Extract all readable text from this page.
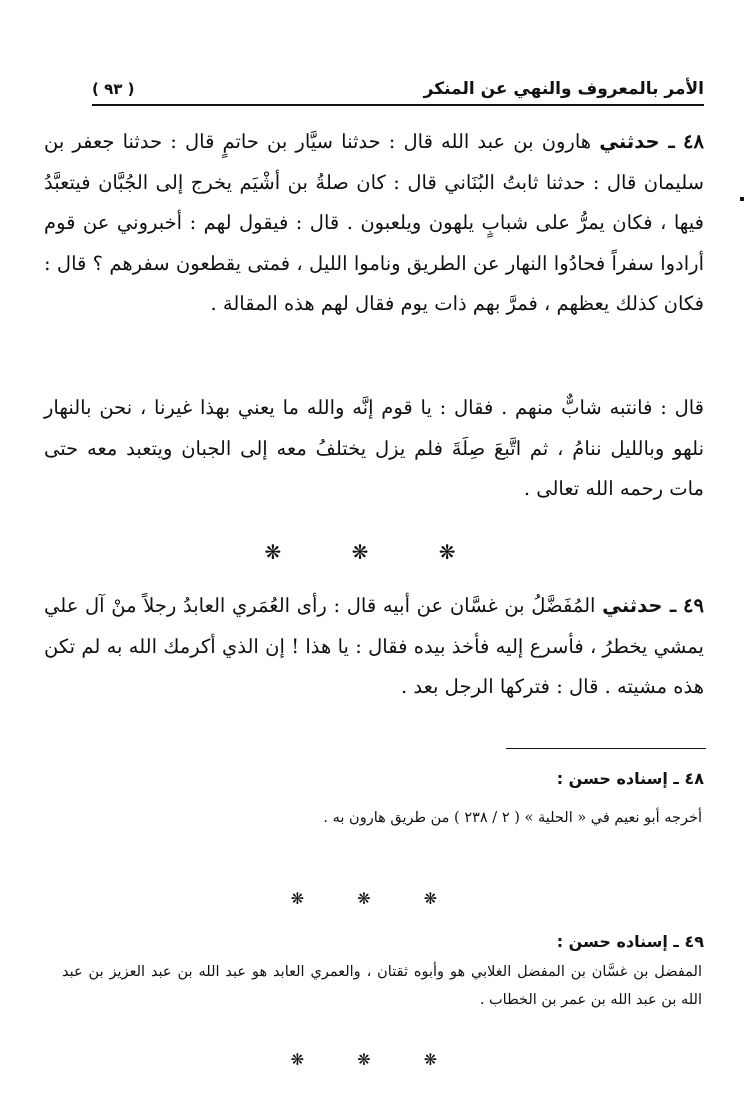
الأمر بالمعروف والنهي عن المنكر
( ٩٣ )
٤٨ ـ حدثني هارون بن عبد الله قال : حدثنا سيَّار بن حاتمٍ قال : حدثنا جعفر بن سليمان قال : حدثنا ثابتُ البُنَاني قال : كان صلةُ بن أشْيَم يخرج إلى الجُبَّان فيتعبَّدُ فيها ، فكان يمرُّ على شبابٍ يلهون ويلعبون . قال : فيقول لهم : أخبروني عن قوم أرادوا سفراً فحادُوا النهار عن الطريق وناموا الليل ، فمتى يقطعون سفرهم ؟ قال : فكان كذلك يعظهم ، فمرَّ بهم ذات يوم فقال لهم هذه المقالة .
قال : فانتبه شابٌّ منهم . فقال : يا قوم إنَّه والله ما يعني بهذا غيرنا ، نحن بالنهار نلهو وبالليل ننامُ ، ثم اتَّبعَ صِلَةَ فلم يزل يختلفُ معه إلى الجبان ويتعبد معه حتى مات رحمه الله تعالى .
❋ ❋ ❋
٤٩ ـ حدثني المُفَضَّلُ بن غسَّان عن أبيه قال : رأى العُمَري العابدُ رجلاً منْ آل علي يمشي يخطرُ ، فأسرع إليه فأخذ بيده فقال : يا هذا ! إن الذي أكرمك الله به لم تكن هذه مشيته . قال : فتركها الرجل بعد .
٤٨ ـ إسناده حسن :
أخرجه أبو نعيم في « الحلية » ( ٢ / ٢٣٨ ) من طريق هارون به .
❋ ❋ ❋
٤٩ ـ إسناده حسن :
المفضل بن غسَّان بن المفضل الغلابي هو وأبوه ثقتان ، والعمري العابد هو عبد الله بن عبد العزيز بن عبد الله بن عبد الله بن عمر بن الخطاب .
❋ ❋ ❋
